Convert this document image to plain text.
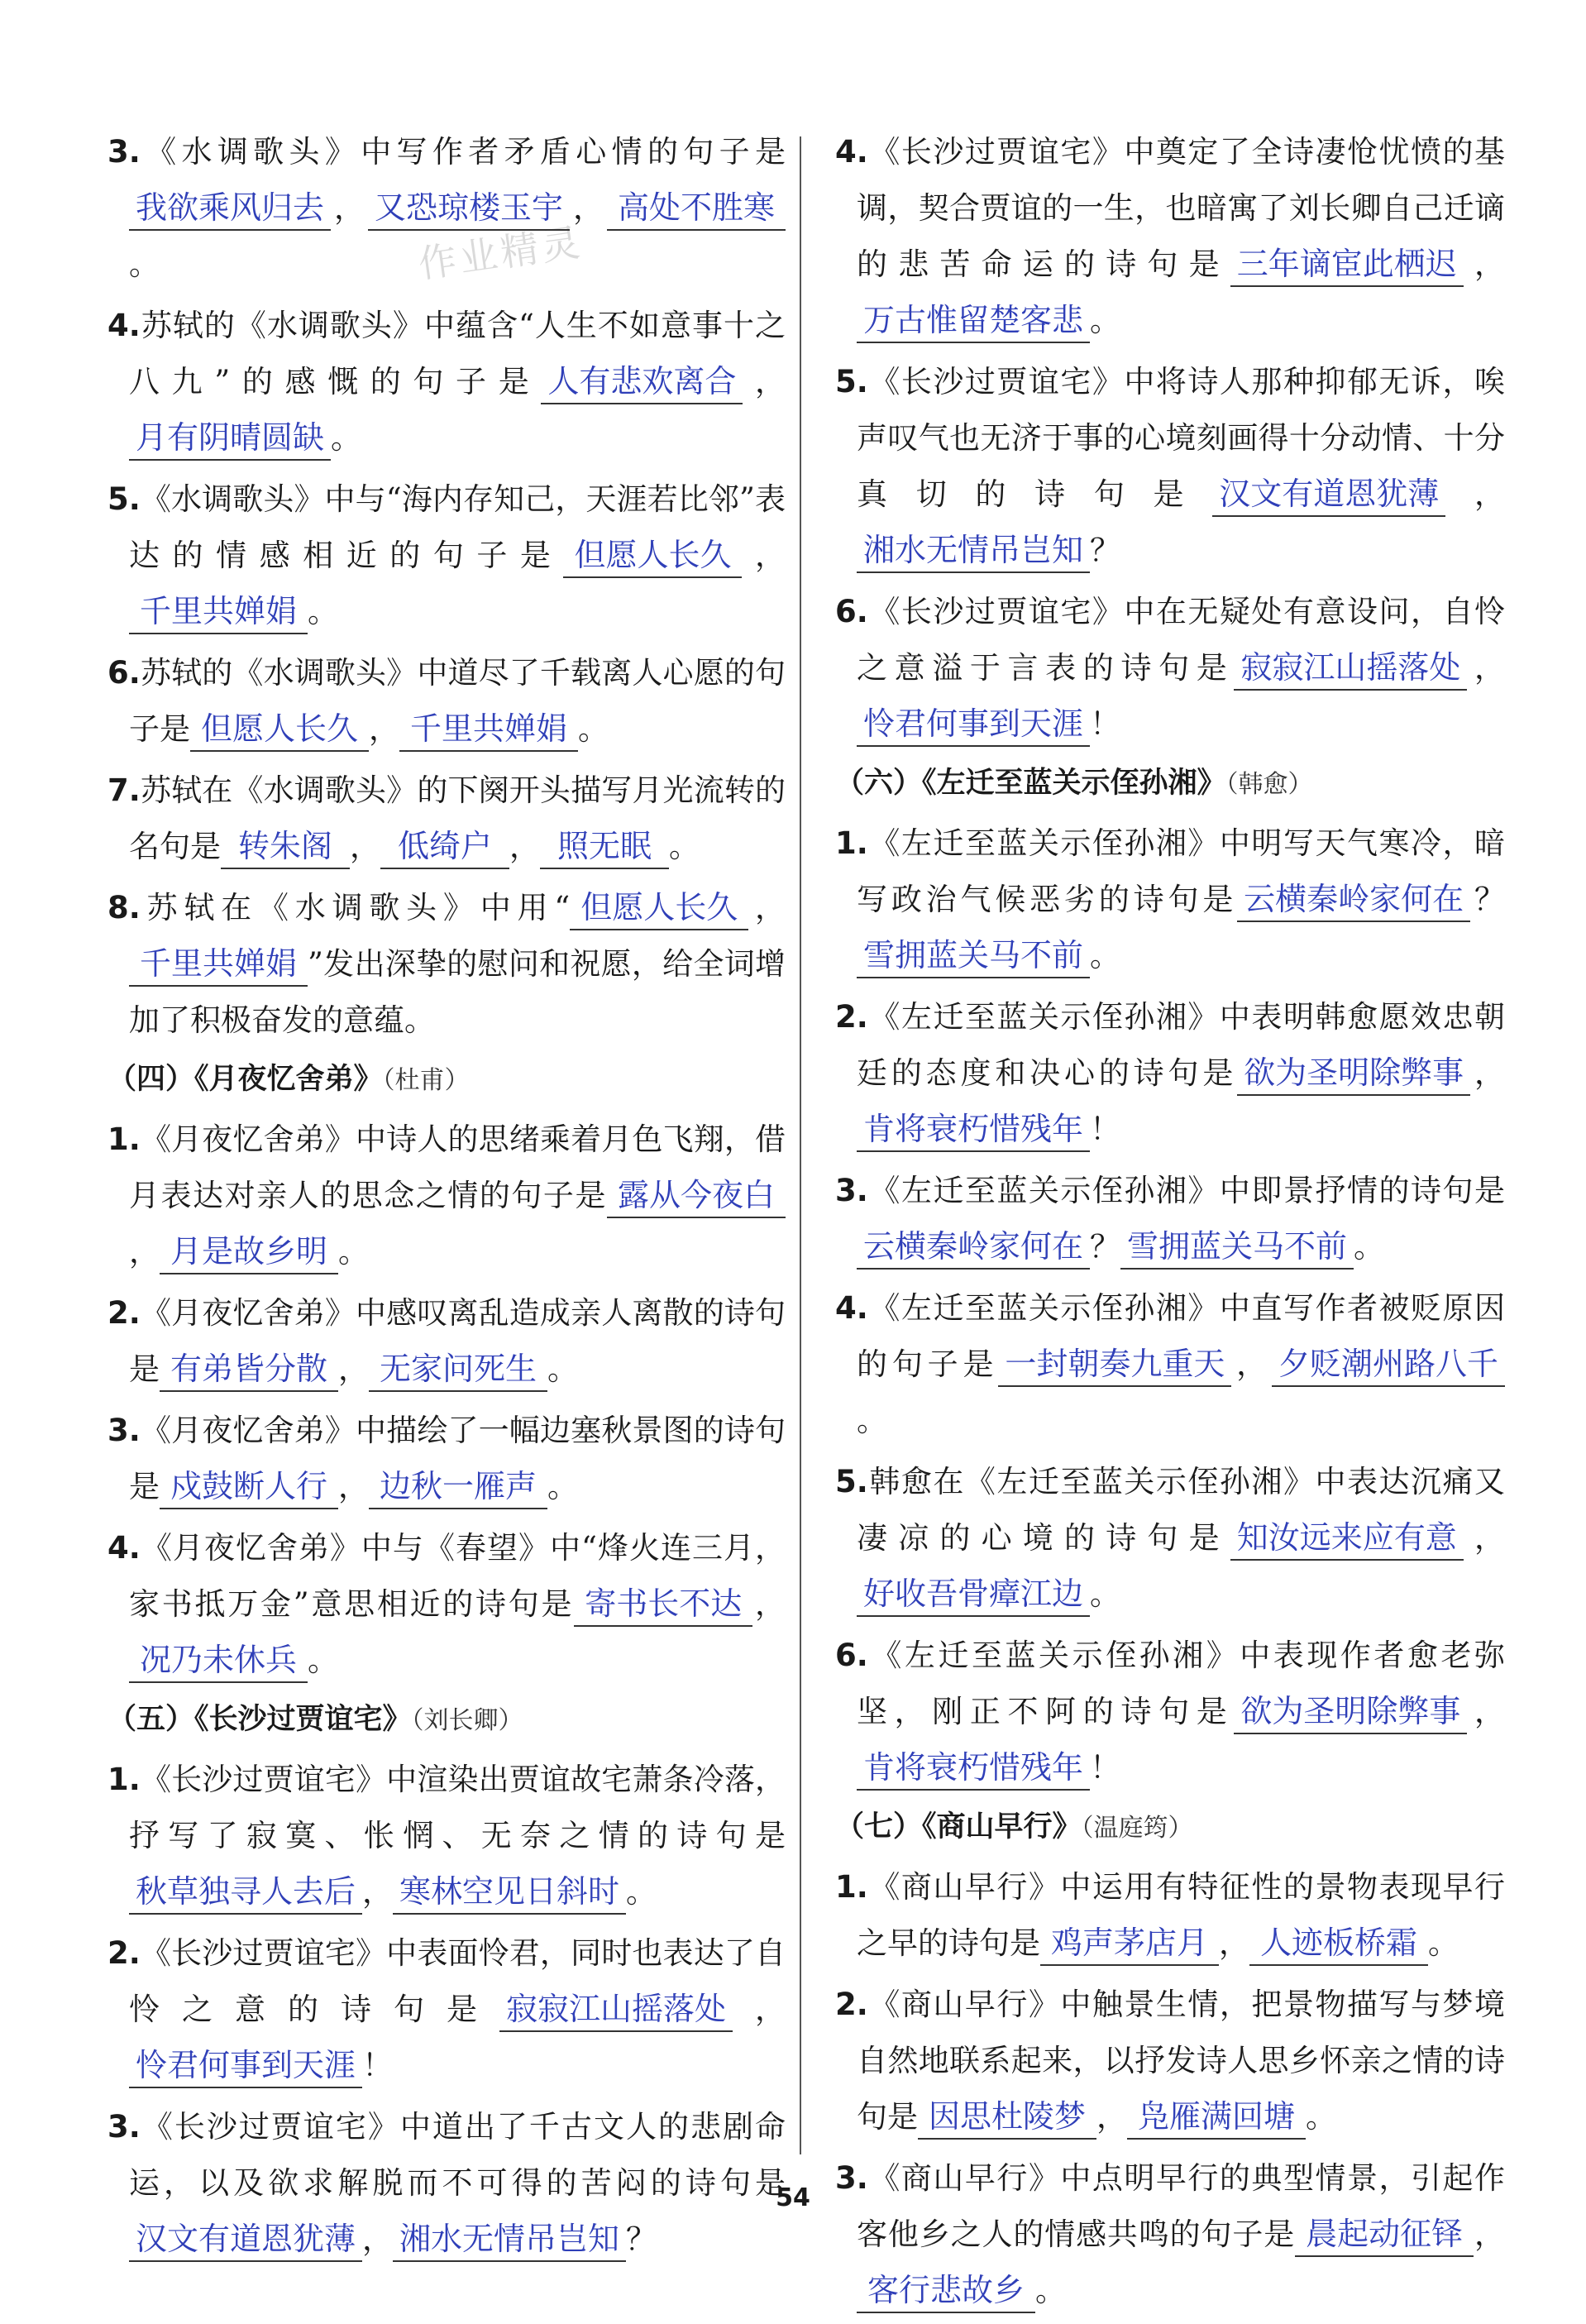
作业精灵

3.《水调歌头》中写作者矛盾心情的句子是我欲乘风归去 ， 又恐琼楼玉宇 ， 高处不胜寒。

4.苏轼的《水调歌头》中蕴含“人生不如意事十之八九”的感慨的句子是 人有悲欢离合 ，月有阴晴圆缺 。

5.《水调歌头》中与“海内存知己，天涯若比邻”表达的情感相近的句子是 但愿人长久 ，千里共婵娟 。

6.苏轼的《水调歌头》中道尽了千载离人心愿的句子是 但愿人长久 ， 千里共婵娟 。

7.苏轼在《水调歌头》的下阕开头描写月光流转的名句是 转朱阁 ， 低绮户 ， 照无眠 。

8.苏轼在《水调歌头》中用“ 但愿人长久 ，千里共婵娟 ”发出深挚的慰问和祝愿，给全词增加了积极奋发的意蕴。

（四）《月夜忆舍弟》（杜甫）

1.《月夜忆舍弟》中诗人的思绪乘着月色飞翔，借月表达对亲人的思念之情的句子是 露从今夜白， 月是故乡明 。

2.《月夜忆舍弟》中感叹离乱造成亲人离散的诗句是 有弟皆分散 ， 无家问死生 。

3.《月夜忆舍弟》中描绘了一幅边塞秋景图的诗句是 戍鼓断人行 ， 边秋一雁声 。

4.《月夜忆舍弟》中与《春望》中“烽火连三月，家书抵万金”意思相近的诗句是 寄书长不达 ，况乃未休兵 。

（五）《长沙过贾谊宅》（刘长卿）

1.《长沙过贾谊宅》中渲染出贾谊故宅萧条冷落，抒写了寂寞、怅惘、无奈之情的诗句是秋草独寻人去后 ， 寒林空见日斜时 。

2.《长沙过贾谊宅》中表面怜君，同时也表达了自怜之意的诗句是 寂寂江山摇落处 ，怜君何事到天涯 ！

3.《长沙过贾谊宅》中道出了千古文人的悲剧命运，以及欲求解脱而不可得的苦闷的诗句是汉文有道恩犹薄 ， 湘水无情吊岂知 ？

4.《长沙过贾谊宅》中奠定了全诗凄怆忧愤的基调，契合贾谊的一生，也暗寓了刘长卿自己迁谪的悲苦命运的诗句是 三年谪宦此栖迟 ，万古惟留楚客悲 。

5.《长沙过贾谊宅》中将诗人那种抑郁无诉，唉声叹气也无济于事的心境刻画得十分动情、十分真切的诗句是 汉文有道恩犹薄 ，湘水无情吊岂知 ？

6.《长沙过贾谊宅》中在无疑处有意设问，自怜之意溢于言表的诗句是 寂寂江山摇落处 ，怜君何事到天涯 ！

（六）《左迁至蓝关示侄孙湘》（韩愈）

1.《左迁至蓝关示侄孙湘》中明写天气寒冷，暗写政治气候恶劣的诗句是 云横秦岭家何在 ？雪拥蓝关马不前 。

2.《左迁至蓝关示侄孙湘》中表明韩愈愿效忠朝廷的态度和决心的诗句是 欲为圣明除弊事 ，肯将衰朽惜残年 ！

3.《左迁至蓝关示侄孙湘》中即景抒情的诗句是云横秦岭家何在 ？ 雪拥蓝关马不前 。

4.《左迁至蓝关示侄孙湘》中直写作者被贬原因的句子是 一封朝奏九重天 ， 夕贬潮州路八千。

5.韩愈在《左迁至蓝关示侄孙湘》中表达沉痛又凄凉的心境的诗句是 知汝远来应有意 ，好收吾骨瘴江边 。

6.《左迁至蓝关示侄孙湘》中表现作者愈老弥坚，刚正不阿的诗句是 欲为圣明除弊事 ，肯将衰朽惜残年 ！

（七）《商山早行》（温庭筠）

1.《商山早行》中运用有特征性的景物表现早行之早的诗句是 鸡声茅店月 ， 人迹板桥霜 。

2.《商山早行》中触景生情，把景物描写与梦境自然地联系起来，以抒发诗人思乡怀亲之情的诗句是 因思杜陵梦 ， 凫雁满回塘 。

3.《商山早行》中点明早行的典型情景，引起作客他乡之人的情感共鸣的句子是 晨起动征铎 ，客行悲故乡 。

54
